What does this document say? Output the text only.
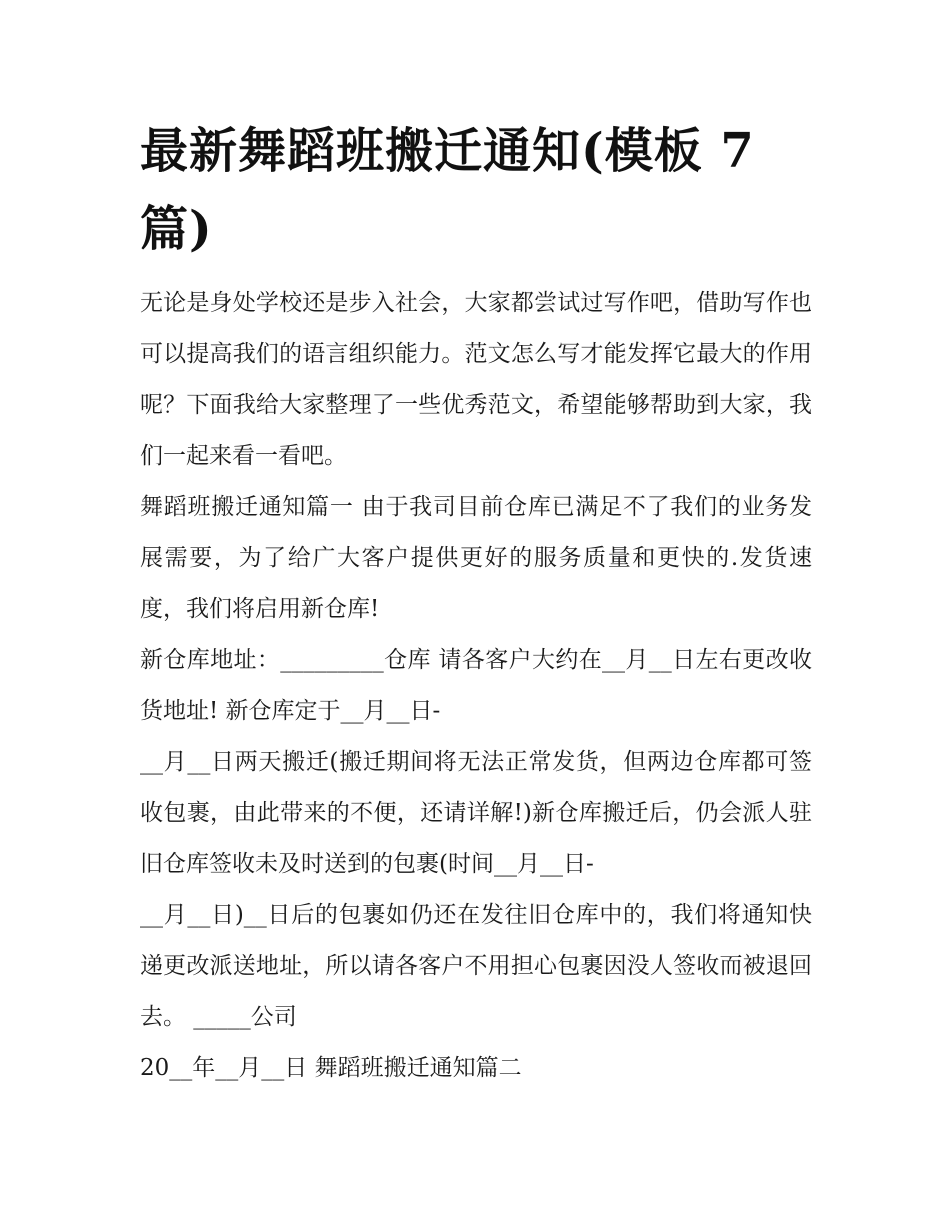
最新舞蹈班搬迁通知(模板 7 篇)

无论是身处学校还是步入社会，大家都尝试过写作吧，借助写作也可以提高我们的语言组织能力。范文怎么写才能发挥它最大的作用呢？下面我给大家整理了一些优秀范文，希望能够帮助到大家，我们一起来看一看吧。

舞蹈班搬迁通知篇一 由于我司目前仓库已满足不了我们的业务发展需要，为了给广大客户提供更好的服务质量和更快的.发货速度，我们将启用新仓库!

新仓库地址：_________仓库 请各客户大约在__月__日左右更改收货地址! 新仓库定于__月__日-

__月__日两天搬迁(搬迁期间将无法正常发货，但两边仓库都可签收包裹，由此带来的不便，还请详解!)新仓库搬迁后，仍会派人驻旧仓库签收未及时送到的包裹(时间__月__日-

__月__日)__日后的包裹如仍还在发往旧仓库中的，我们将通知快递更改派送地址，所以请各客户不用担心包裹因没人签收而被退回去。 _____公司

20__年__月__日 舞蹈班搬迁通知篇二
